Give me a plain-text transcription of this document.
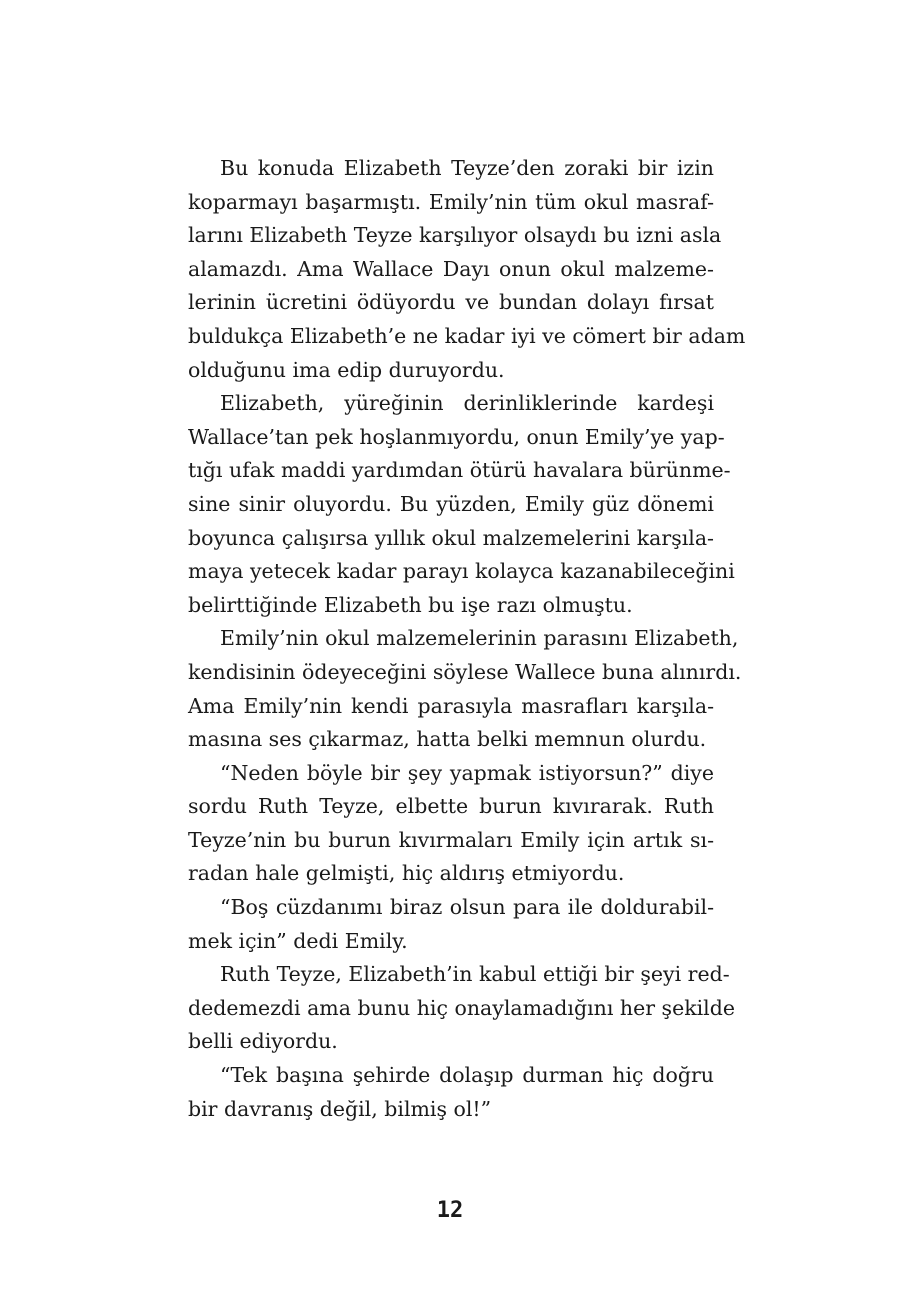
Bu konuda Elizabeth Teyze’den zoraki bir izin
koparmayı başarmıştı. Emily’nin tüm okul masraf-
larını Elizabeth Teyze karşılıyor olsaydı bu izni asla
alamazdı. Ama Wallace Dayı onun okul malzeme-
lerinin ücretini ödüyordu ve bundan dolayı fırsat
buldukça Elizabeth’e ne kadar iyi ve cömert bir adam
olduğunu ima edip duruyordu.
Elizabeth, yüreğinin derinliklerinde kardeşi
Wallace’tan pek hoşlanmıyordu, onun Emily’ye yap-
tığı ufak maddi yardımdan ötürü havalara bürünme-
sine sinir oluyordu. Bu yüzden, Emily güz dönemi
boyunca çalışırsa yıllık okul malzemelerini karşıla-
maya yetecek kadar parayı kolayca kazanabileceğini
belirttiğinde Elizabeth bu işe razı olmuştu.
Emily’nin okul malzemelerinin parasını Elizabeth,
kendisinin ödeyeceğini söylese Wallece buna alınırdı.
Ama Emily’nin kendi parasıyla masrafları karşıla-
masına ses çıkarmaz, hatta belki memnun olurdu.
“Neden böyle bir şey yapmak istiyorsun?” diye
sordu Ruth Teyze, elbette burun kıvırarak. Ruth
Teyze’nin bu burun kıvırmaları Emily için artık sı-
radan hale gelmişti, hiç aldırış etmiyordu.
“Boş cüzdanımı biraz olsun para ile doldurabil-
mek için” dedi Emily.
Ruth Teyze, Elizabeth’in kabul ettiği bir şeyi red-
dedemezdi ama bunu hiç onaylamadığını her şekilde
belli ediyordu.
“Tek başına şehirde dolaşıp durman hiç doğru
bir davranış değil, bilmiş ol!”
12
